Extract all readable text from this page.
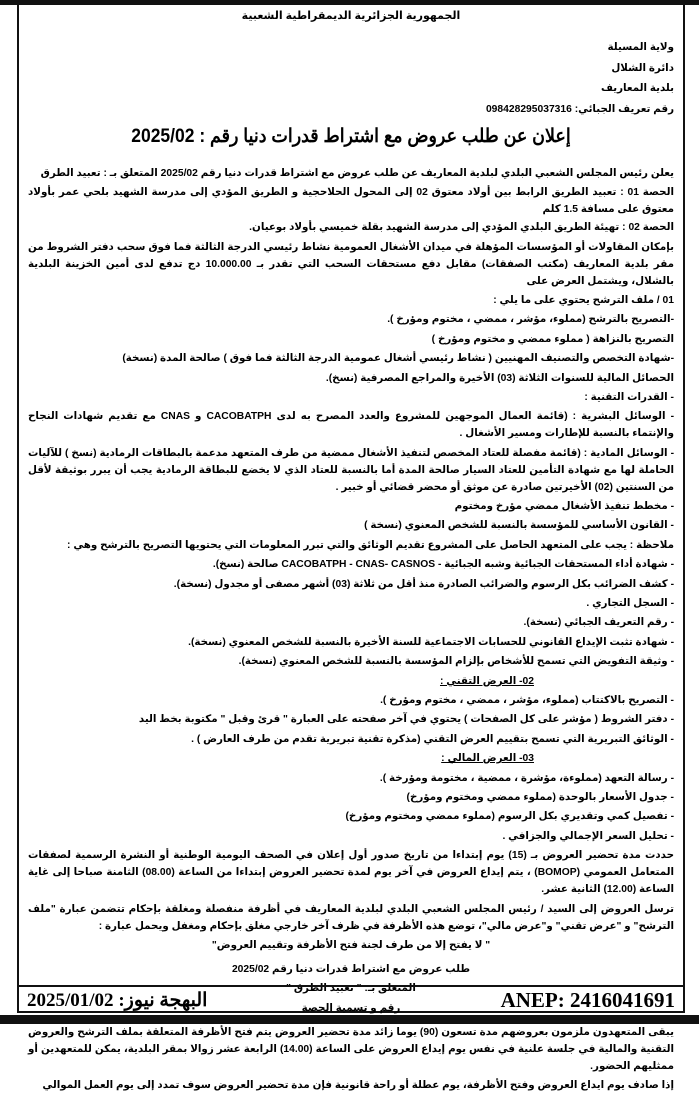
الجمهورية الجزائرية الديمقراطية الشعبية
ولاية المسيلة
دائرة الشلال
بلدية المعاريف
رقم تعريف الجبائي: 098428295037316
إعلان عن طلب عروض مع اشتراط قدرات دنيا رقم : 2025/02
يعلن رئيس المجلس الشعبي البلدي لبلدية المعاريف عن طلب عروض مع اشتراط قدرات دنيا رقم 2025/02 المتعلق بـ : تعبيد الطرق
الحصة 01 : تعبيد الطريق الرابط بين أولاد معتوق 02 إلى المحول الحلاحجية و الطريق المؤدي إلى مدرسة الشهيد بلحي عمر بأولاد معتوق على مسافة 1.5 كلم
الحصة 02 : تهيئة الطريق البلدي المؤدي إلى مدرسة الشهيد بقلة خميسي بأولاد بوعيان.
بإمكان المقاولات أو المؤسسات المؤهلة في ميدان الأشغال العمومية نشاط رئيسي الدرجة الثالثة فما فوق سحب دفتر الشروط من مقر بلدية المعاريف (مكتب الصفقات) مقابل دفع مستحقات السحب التي تقدر بـ 10.000.00 دج تدفع لدى أمين الخزينة البلدية بالشلال، ويشتمل العرض على
01 / ملف الترشح يحتوي على ما يلي :
-التصريح بالترشح (مملوء، مؤشر ، ممضي ، مختوم ومؤرخ ).
التصريح بالنزاهة ( مملوء ممضي و مختوم ومؤرخ )
-شهادة التخصص والتصنيف المهنيين ( نشاط رئيسي أشغال عمومية الدرجة الثالثة فما فوق ) صالحة المدة (نسخة)
الحصائل المالية للسنوات الثلاثة (03) الأخيرة والمراجع المصرفية (نسخ).
- القدرات التقنية :
- الوسائل البشرية : (قائمة العمال الموجهين للمشروع والعدد المصرح به لدى CACOBATPH و CNAS مع تقديم شهادات النجاح والإنتماء بالنسبة للإطارات ومسير الأشغال .
- الوسائل المادية : (قائمة مفصلة للعتاد المخصص لتنفيذ الأشغال ممضية من طرف المتعهد مدعمة بالبطاقات الرمادية (نسخ ) للآليات الحاملة لها مع شهادة التأمين للعتاد السيار صالحة المدة أما بالنسبة للعتاد الذي لا يخضع للبطاقة الرمادية يجب أن يبرر بوثيقة لأقل من السنتين (02) الأخيرتين صادرة عن موثق أو محضر قضائي أو خبير .
- مخطط تنفيذ الأشغال ممضي مؤرخ ومختوم
- القانون الأساسي للمؤسسة بالنسبة للشخص المعنوي (نسخة )
ملاحظة : يجب على المتعهد الحاصل على المشروع تقديم الوثائق والتي تبرر المعلومات التي يحتويها التصريح بالترشح وهي :
- شهادة أداء المستحقات الجبائية وشبه الجبائية - CACOBATPH - CNAS- CASNOS صالحة (نسخ).
- كشف الضرائب بكل الرسوم والضرائب الصادرة منذ أقل من ثلاثة (03) أشهر مصفى أو مجدول (نسخة).
- السجل التجاري .
- رقم التعريف الجبائي (نسخة).
- شهادة تثبت الإيداع القانوني للحسابات الاجتماعية للسنة الأخيرة بالنسبة للشخص المعنوي (نسخة).
- وثيقة التفويض التي تسمح للأشخاص بإلزام المؤسسة بالنسبة للشخص المعنوي (نسخة).
02- العرض التقني :
- التصريح بالاكتتاب (مملوء، مؤشر ، ممضي ، مختوم ومؤرخ ).
- دفتر الشروط ( مؤشر على كل الصفحات ) يحتوي في آخر صفحته على العبارة " قرئ وقبل " مكتوبة بخط اليد
- الوثائق التبريرية التي تسمح بتقييم العرض التقني (مذكرة تقنية تبريرية تقدم من طرف العارض ) .
03- العرض المالي :
- رسالة التعهد (مملوءة، مؤشرة ، ممضية ، مختومة ومؤرخة ).
- جدول الأسعار بالوحدة (مملوء ممضي ومختوم ومؤرخ)
- تفصيل كمي وتقديري بكل الرسوم (مملوء ممضي ومختوم ومؤرخ)
- تحليل السعر الإجمالي والجزافي .
حددت مدة تحضير العروض بـ (15) يوم إبتداءا من تاريخ صدور أول إعلان في الصحف اليومية الوطنية أو النشرة الرسمية لصفقات المتعامل العمومي (BOMOP) ، يتم إيداع العروض في آخر يوم لمدة تحضير العروض إبتداءا من الساعة (08.00) الثامنة صباحا إلى غاية الساعة (12.00) الثانية عشر.
ترسل العروض إلى السيد / رئيس المجلس الشعبي البلدي لبلدية المعاريف في أظرفة منفصلة ومغلقة بإحكام تتضمن عبارة "ملف الترشح" و "عرض تقني" و"عرض مالي"، توضع هذه الأظرفة في ظرف آخر خارجي مغلق بإحكام ومغفل ويحمل عبارة :
" لا يفتح إلا من طرف لجنة فتح الأظرفة وتقييم العروض"
طلب عروض مع اشتراط قدرات دنيا رقم 2025/02
المتعلق بـ: " تعبيد الطرق "
رقم و تسمية الحصة
يبقى المتعهدون ملزمون بعروضهم مدة تسعون (90) يوما زائد مدة تحضير العروض يتم فتح الأظرفة المتعلقة بملف الترشح والعروض التقنية والمالية في جلسة علنية في نفس يوم إيداع العروض على الساعة (14.00) الرابعة عشر زوالا بمقر البلدية، يمكن للمتعهدين أو ممثليهم الحضور.
إذا صادف يوم ايداع العروض وفتح الأظرفة، يوم عطلة أو راحة قانونية فإن مدة تحضير العروض سوف تمدد إلى يوم العمل الموالي
البهجة نيوز: 2025/01/02	ANEP: 2416041691
